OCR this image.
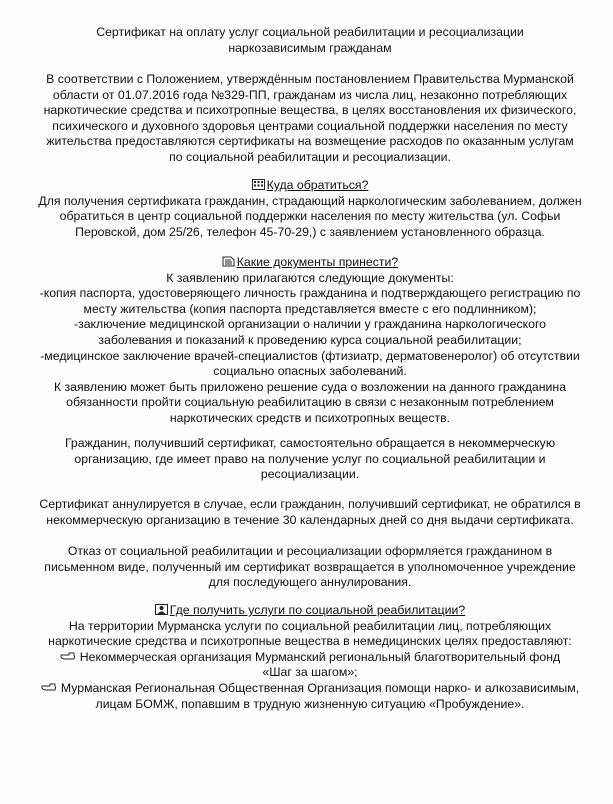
Сертификат на оплату услуг социальной реабилитации и ресоциализации
наркозависимым гражданам
В соответствии с Положением, утверждённым постановлением Правительства Мурманской
области от 01.07.2016 года №329-ПП, гражданам из числа лиц, незаконно потребляющих
наркотические средства и психотропные вещества, в целях восстановления их физического,
психического и духовного здоровья центрами социальной поддержки населения по месту
жительства предоставляются сертификаты на возмещение расходов по оказанным услугам
по социальной реабилитации и ресоциализации.
Куда обратиться?
Для получения сертификата гражданин, страдающий наркологическим заболеванием, должен
обратиться в центр социальной поддержки населения по месту жительства (ул. Софьи
Перовской, дом 25/26, телефон 45-70-29,) с заявлением установленного образца.
Какие документы принести?
К заявлению прилагаются следующие документы:
-копия паспорта, удостоверяющего личность гражданина и подтверждающего регистрацию по
месту жительства (копия паспорта представляется вместе с его подлинником);
-заключение медицинской организации о наличии у гражданина наркологического
заболевания и показаний к проведению курса социальной реабилитации;
-медицинское заключение врачей-специалистов (фтизиатр, дерматовенеролог) об отсутствии
социально опасных заболеваний.
К заявлению может быть приложено решение суда о возложении на данного гражданина
обязанности пройти социальную реабилитацию в связи с незаконным потреблением
наркотических средств и психотропных веществ.
Гражданин, получивший сертификат, самостоятельно обращается в некоммерческую
организацию, где имеет право на получение услуг по социальной реабилитации и
ресоциализации.
Сертификат аннулируется в случае, если гражданин, получивший сертификат, не обратился в
некоммерческую организацию в течение 30 календарных дней со дня выдачи сертификата.
Отказ от социальной реабилитации и ресоциализации оформляется гражданином в
письменном виде, полученный им сертификат возвращается в уполномоченное учреждение
для последующего аннулирования.
Где получить услуги по социальной реабилитации?
На территории Мурманска услуги по социальной реабилитации лиц, потребляющих
наркотические средства и психотропные вещества в немедицинских целях предоставляют:
Некоммерческая организация Мурманский региональный благотворительный фонд
«Шаг за шагом»;
Мурманская Региональная Общественная Организация помощи нарко- и алкозависимым,
лицам БОМЖ, попавшим в трудную жизненную ситуацию «Пробуждение».
